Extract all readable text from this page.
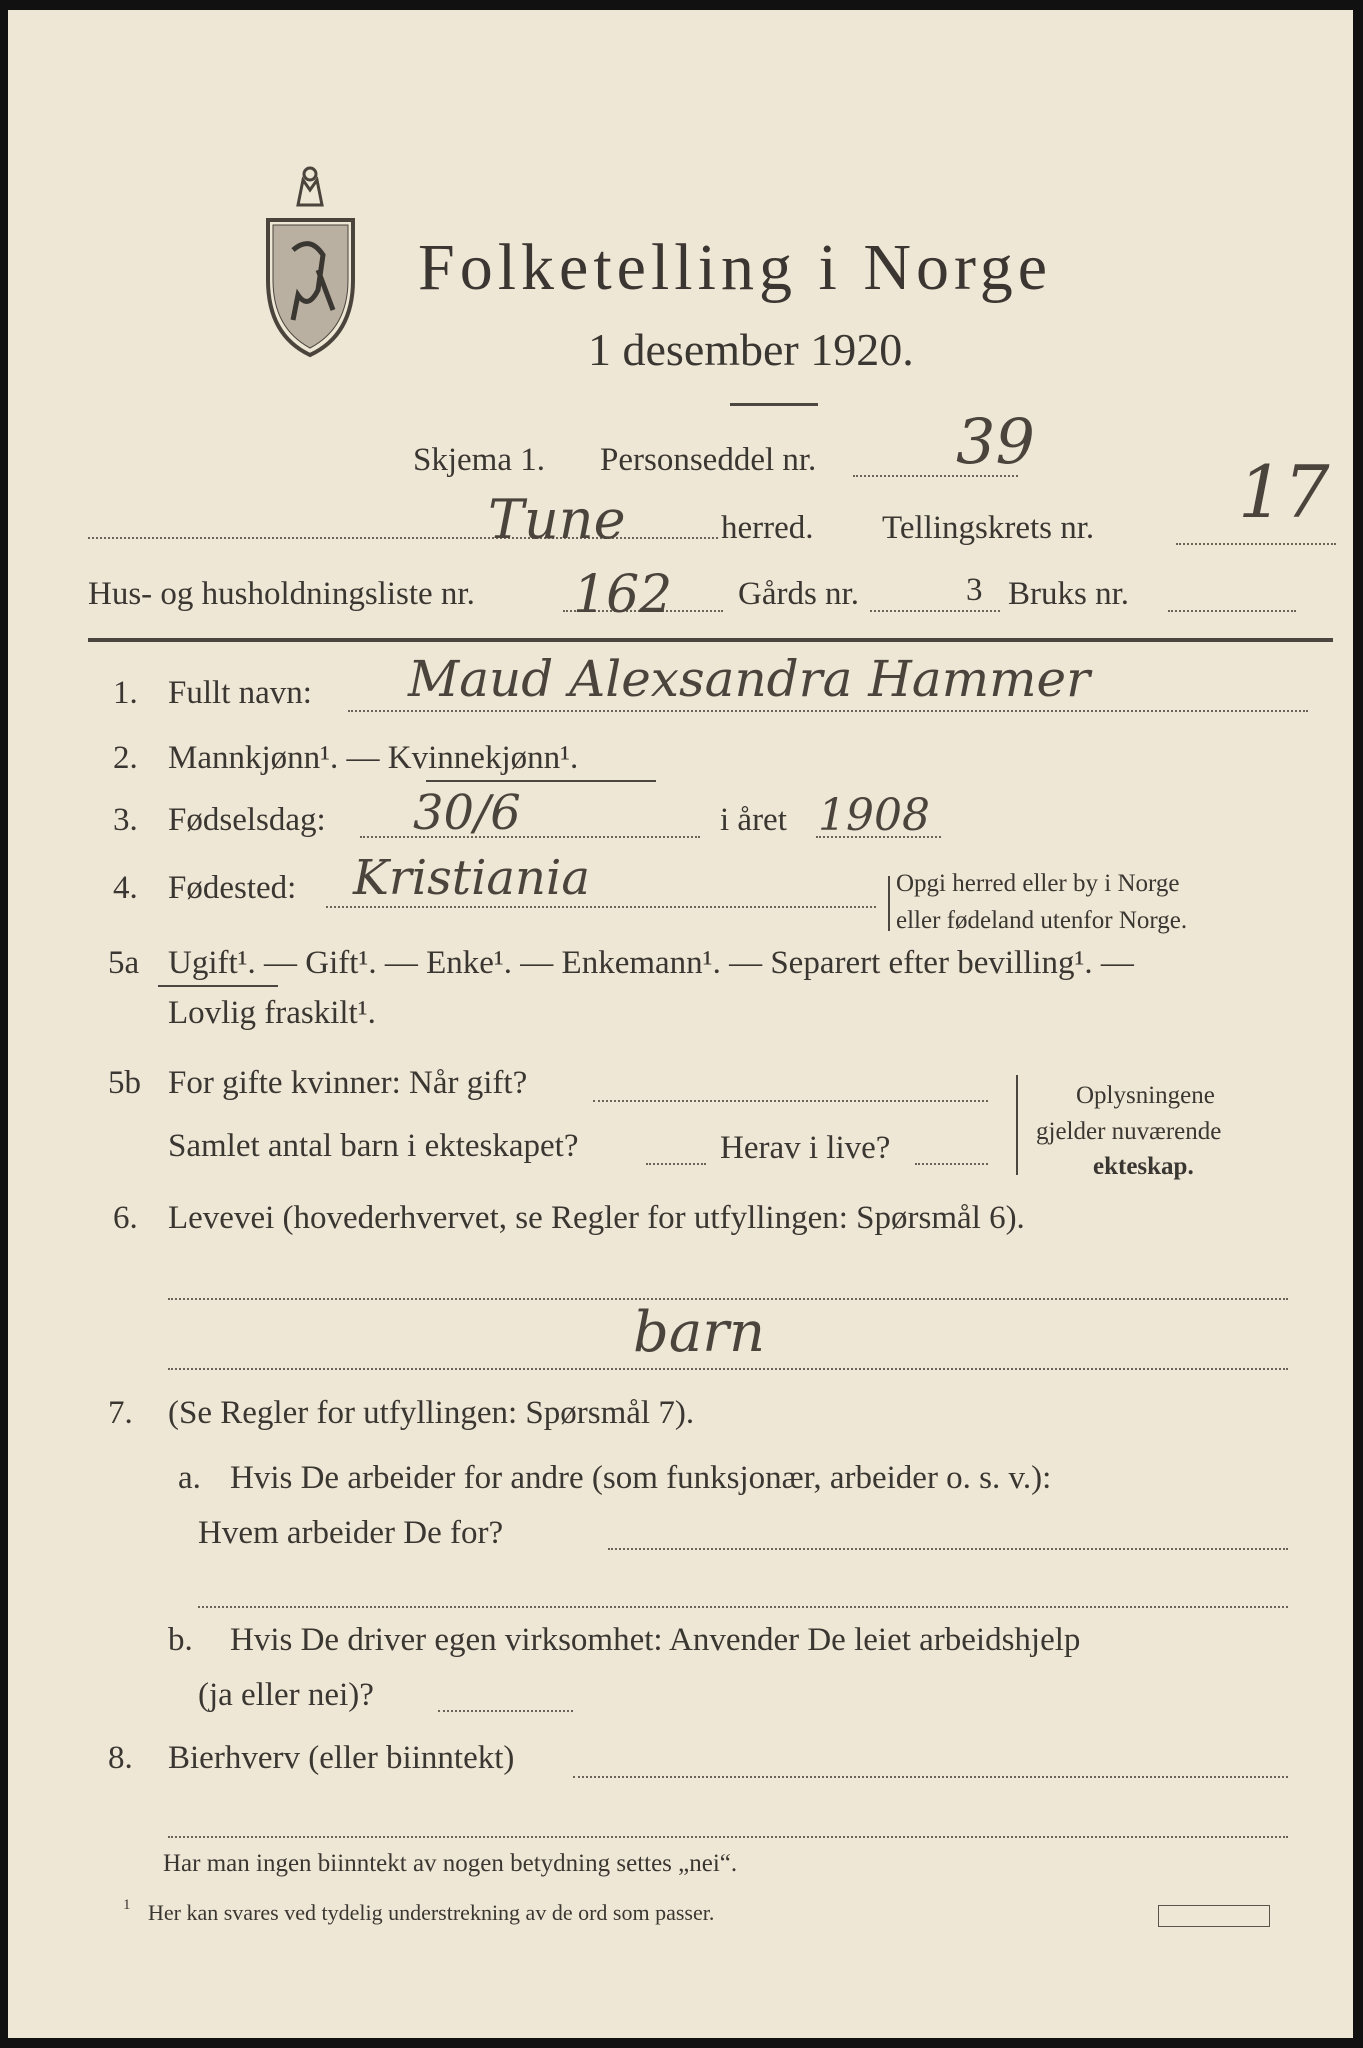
Folketelling i Norge
1 desember 1920.
Skjema 1. Personseddel nr. 39
Tune	herred. Tellingskrets nr. 17
Hus- og husholdningsliste nr. 162 Gårds nr.	3 Bruks nr.
1. Fullt navn: Maud Alexsandra Hammer
2. Mannkjønn¹. — Kvinnekjønn¹.
3. Fødselsdag: 30/6	i året 1908
4. Fødested: Kristiania	Opgi herred eller by i Norge
eller fødeland utenfor Norge.
5a Ugift¹. — Gift¹. — Enke¹. — Enkemann¹. — Separert efter bevilling¹. —
Lovlig fraskilt¹.
5b For gifte kvinner: Når gift?
Samlet antal barn i ekteskapet?	Herav i live?
Oplysningene
gjelder nuværende
ekteskap.
6. Levevei (hovederhvervet, se Regler for utfyllingen: Spørsmål 6).
barn
7. (Se Regler for utfyllingen: Spørsmål 7).
a. Hvis De arbeider for andre (som funksjonær, arbeider o. s. v.):
Hvem arbeider De for?
b. Hvis De driver egen virksomhet: Anvender De leiet arbeidshjelp
(ja eller nei)?
8. Bierhverv (eller biinntekt)
Har man ingen biinntekt av nogen betydning settes „nei“.
1 Her kan svares ved tydelig understrekning av de ord som passer.
